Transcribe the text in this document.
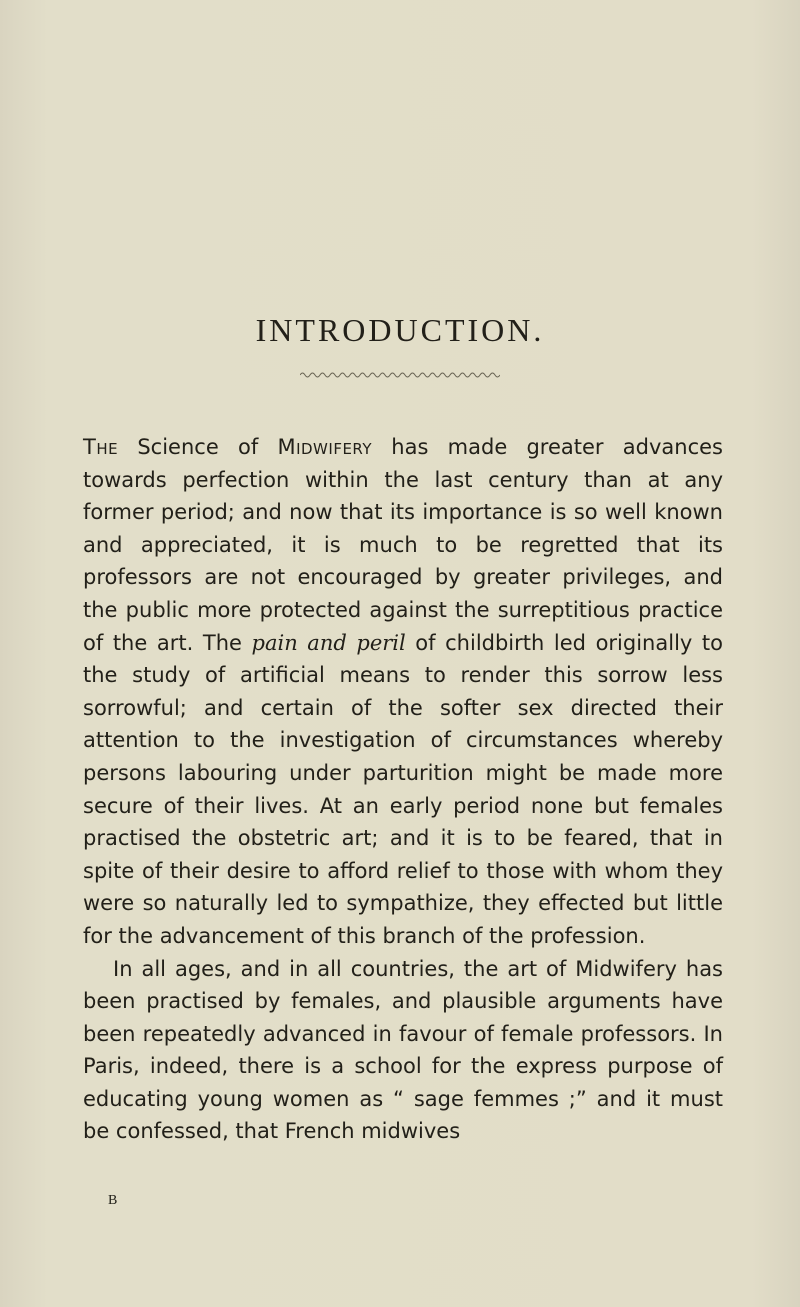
INTRODUCTION.

The Science of Midwifery has made greater advances towards perfection within the last century than at any former period; and now that its importance is so well known and appreciated, it is much to be regretted that its professors are not encouraged by greater privileges, and the public more protected against the surreptitious practice of the art. The pain and peril of childbirth led originally to the study of artificial means to render this sorrow less sorrowful; and certain of the softer sex directed their attention to the investigation of circumstances whereby persons labouring under parturition might be made more secure of their lives. At an early period none but females practised the obstetric art; and it is to be feared, that in spite of their desire to afford relief to those with whom they were so naturally led to sympathize, they effected but little for the advancement of this branch of the profession.

In all ages, and in all countries, the art of Midwifery has been practised by females, and plausible arguments have been repeatedly advanced in favour of female professors. In Paris, indeed, there is a school for the express purpose of educating young women as “ sage femmes ;” and it must be confessed, that French midwives

B
